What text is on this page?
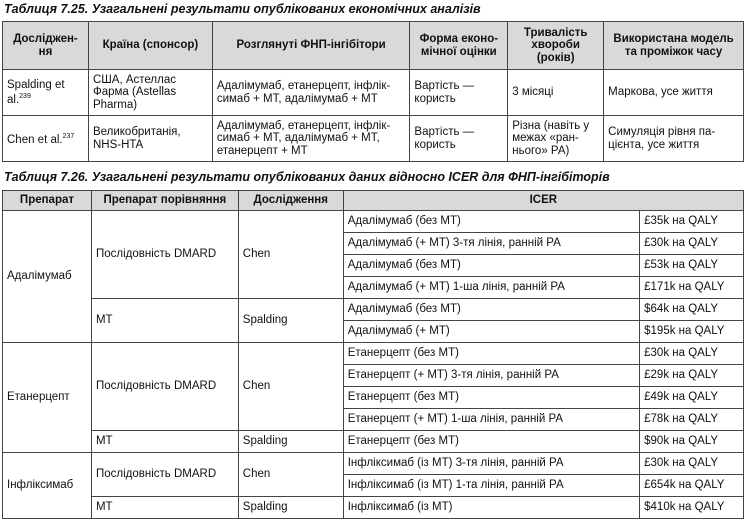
Таблиця 7.25. Узагальнені результати опублікованих економічних аналізів
Досліджен-ня	Країна (спонсор)	Розглянуті ФНП-інгібітори	Форма еконо-мічної оцінки	Тривалість хвороби (років)	Використана модель та проміжок часу
Spalding et al.$^{239}$	США, Астеллас Фарма (Astellas Pharma)	Адалімумаб, етанерцепт, інфлік-симаб + МТ, адалімумаб + МТ	Вартість — користь	3 місяці	Маркова, усе життя
Chen et al.$^{237}$	Великобританія, NHS-HTA	Адалімумаб, етанерцепт, інфлік-симаб + МТ, адалімумаб + МТ, етанерцепт + МТ	Вартість — користь	Різна (навіть у межах «ран-нього» РА)	Симуляція рівня па-цієнта, усе життя
Таблиця 7.26. Узагальнені результати опублікованих даних відносно ICER для ФНП-інгібіторів
Препарат	Препарат порівняння	Дослідження	ICER	
Адалімумаб	Послідовність DMARD	Chen	Адалімумаб (без МТ)	£35k на QALY
			Адалімумаб (+ МТ) 3-тя лінія, ранній РА	£30k на QALY
			Адалімумаб (без МТ)	£53k на QALY
			Адалімумаб (+ МТ) 1-ша лінія, ранній РА	£171k на QALY
	МТ	Spalding	Адалімумаб (без МТ)	$64k на QALY
			Адалімумаб (+ МТ)	$195k на QALY
Етанерцепт	Послідовність DMARD	Chen	Етанерцепт (без МТ)	£30k на QALY
			Етанерцепт (+ МТ) 3-тя лінія, ранній РА	£29k на QALY
			Етанерцепт (без МТ)	£49k на QALY
			Етанерцепт (+ МТ) 1-ша лінія, ранній РА	£78k на QALY
	МТ	Spalding	Етанерцепт (без МТ)	$90k на QALY
Інфліксимаб	Послідовність DMARD	Chen	Інфліксимаб (із МТ) 3-тя лінія, ранній РА	£30k на QALY
			Інфліксимаб (із МТ) 1-та лінія, ранній РА	£654k на QALY
	МТ	Spalding	Інфліксимаб (із МТ)	$410k на QALY
